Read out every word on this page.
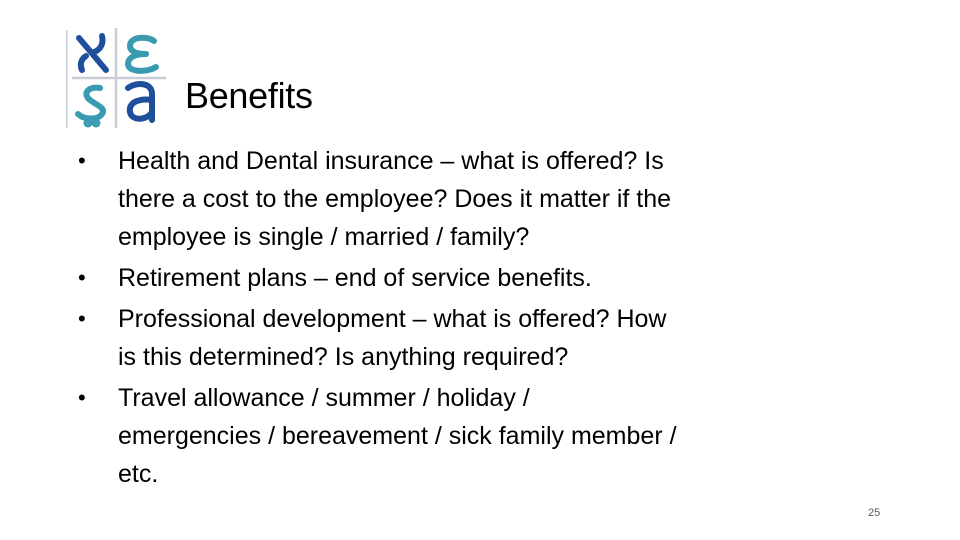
Benefits
• Health and Dental insurance – what is offered? Is
there a cost to the employee? Does it matter if the
employee is single / married / family?
• Retirement plans – end of service benefits.
• Professional development – what is offered? How
is this determined? Is anything required?
• Travel allowance / summer / holiday /
emergencies / bereavement / sick family member /
etc.
25
